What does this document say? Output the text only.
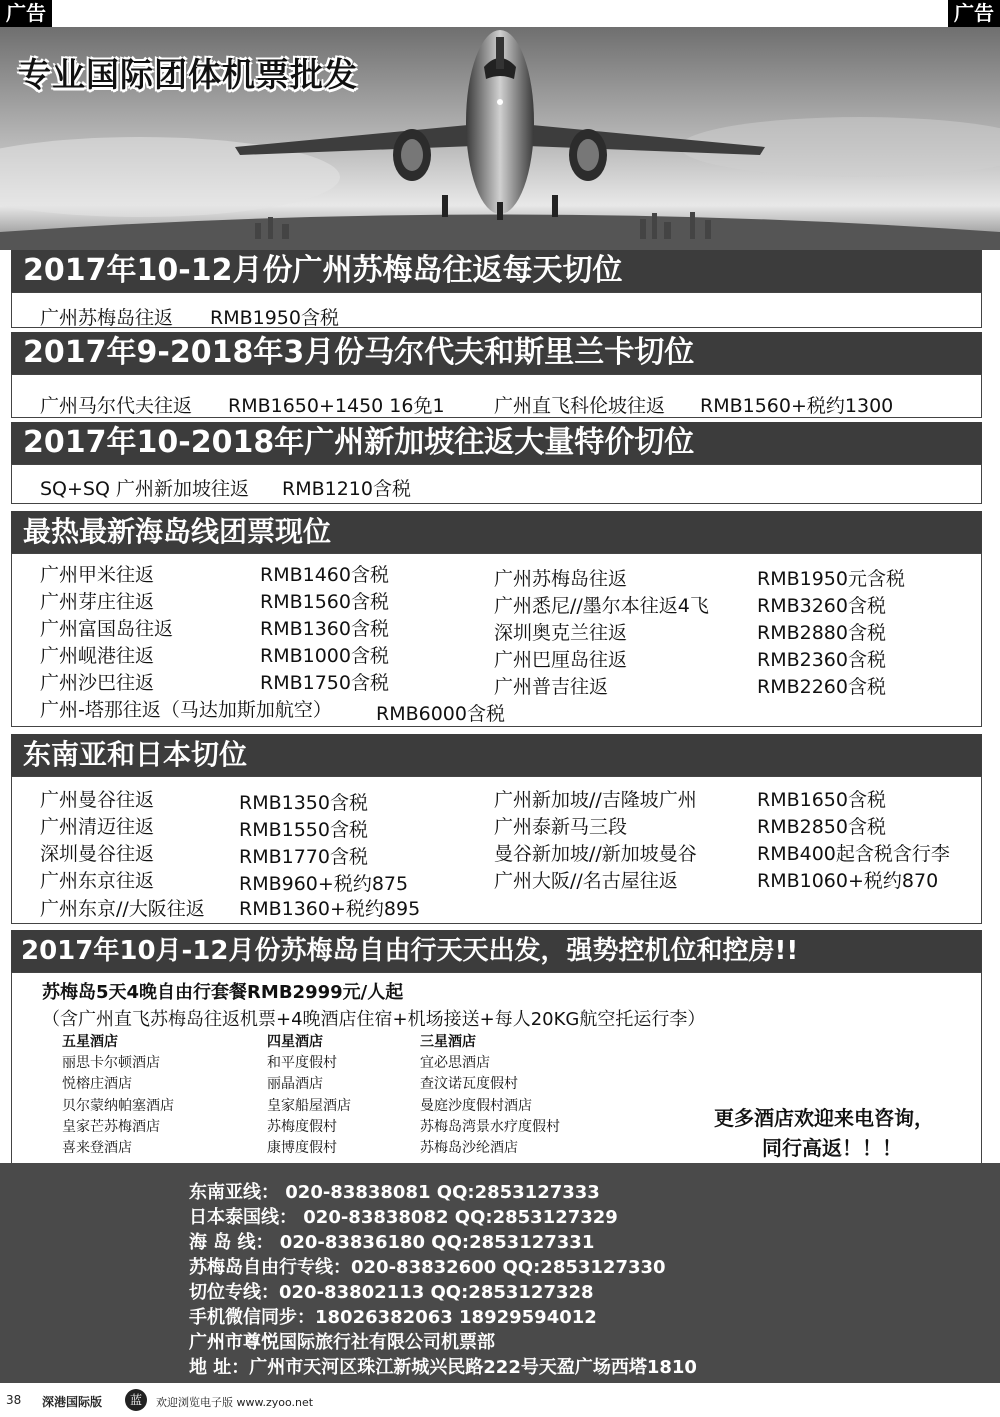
广告	广告
专业国际团体机票批发
2017年10-12月份广州苏梅岛往返每天切位
广州苏梅岛往返 RMB1950含税
2017年9-2018年3月份马尔代夫和斯里兰卡切位
广州马尔代夫往返 RMB1650+1450 16免1	广州直飞科伦坡往返 RMB1560+税约1300
2017年10-2018年广州新加坡往返大量特价切位
SQ+SQ 广州新加坡往返 RMB1210含税
最热最新海岛线团票现位
广州甲米往返	RMB1460含税
广州芽庄往返	RMB1560含税
广州富国岛往返	RMB1360含税
广州岘港往返	RMB1000含税
广州沙巴往返	RMB1750含税
广州苏梅岛往返	RMB1950元含税
广州悉尼//墨尔本往返4飞	RMB3260含税
深圳奥克兰往返	RMB2880含税
广州巴厘岛往返	RMB2360含税
广州普吉往返	RMB2260含税
广州-塔那往返（马达加斯加航空） RMB6000含税
东南亚和日本切位
广州曼谷往返	RMB1350含税
广州清迈往返	RMB1550含税
深圳曼谷往返	RMB1770含税
广州东京往返	RMB960+税约875
广州东京//大阪往返 RMB1360+税约895
广州新加坡//吉隆坡广州	RMB1650含税
广州泰新马三段	RMB2850含税
曼谷新加坡//新加坡曼谷	RMB400起含税含行李
广州大阪//名古屋往返	RMB1060+税约870
2017年10月-12月份苏梅岛自由行天天出发，强势控机位和控房!!
苏梅岛5天4晚自由行套餐RMB2999元/人起
（含广州直飞苏梅岛往返机票+4晚酒店住宿+机场接送+每人20KG航空托运行李）
五星酒店
丽思卡尔顿酒店
悦榕庄酒店
贝尔蒙纳帕塞酒店
皇家芒苏梅酒店
喜来登酒店
四星酒店
和平度假村
丽晶酒店
皇家船屋酒店
苏梅度假村
康博度假村
三星酒店
宜必思酒店
查汶诺瓦度假村
曼庭沙度假村酒店
苏梅岛湾景水疗度假村
苏梅岛沙纶酒店
更多酒店欢迎来电咨询，
同行高返！！！
东南亚线： 020-83838081 QQ:2853127333
日本泰国线： 020-83838082 QQ:2853127329
海 岛 线： 020-83836180 QQ:2853127331
苏梅岛自由行专线：020-83832600 QQ:2853127330
切位专线：020-83802113 QQ:2853127328
手机微信同步：18026382063 18929594012
广州市尊悦国际旅行社有限公司机票部
地 址：广州市天河区珠江新城兴民路222号天盈广场西塔1810
38 深港国际版	蓝	欢迎浏览电子版 www.zyoo.net
